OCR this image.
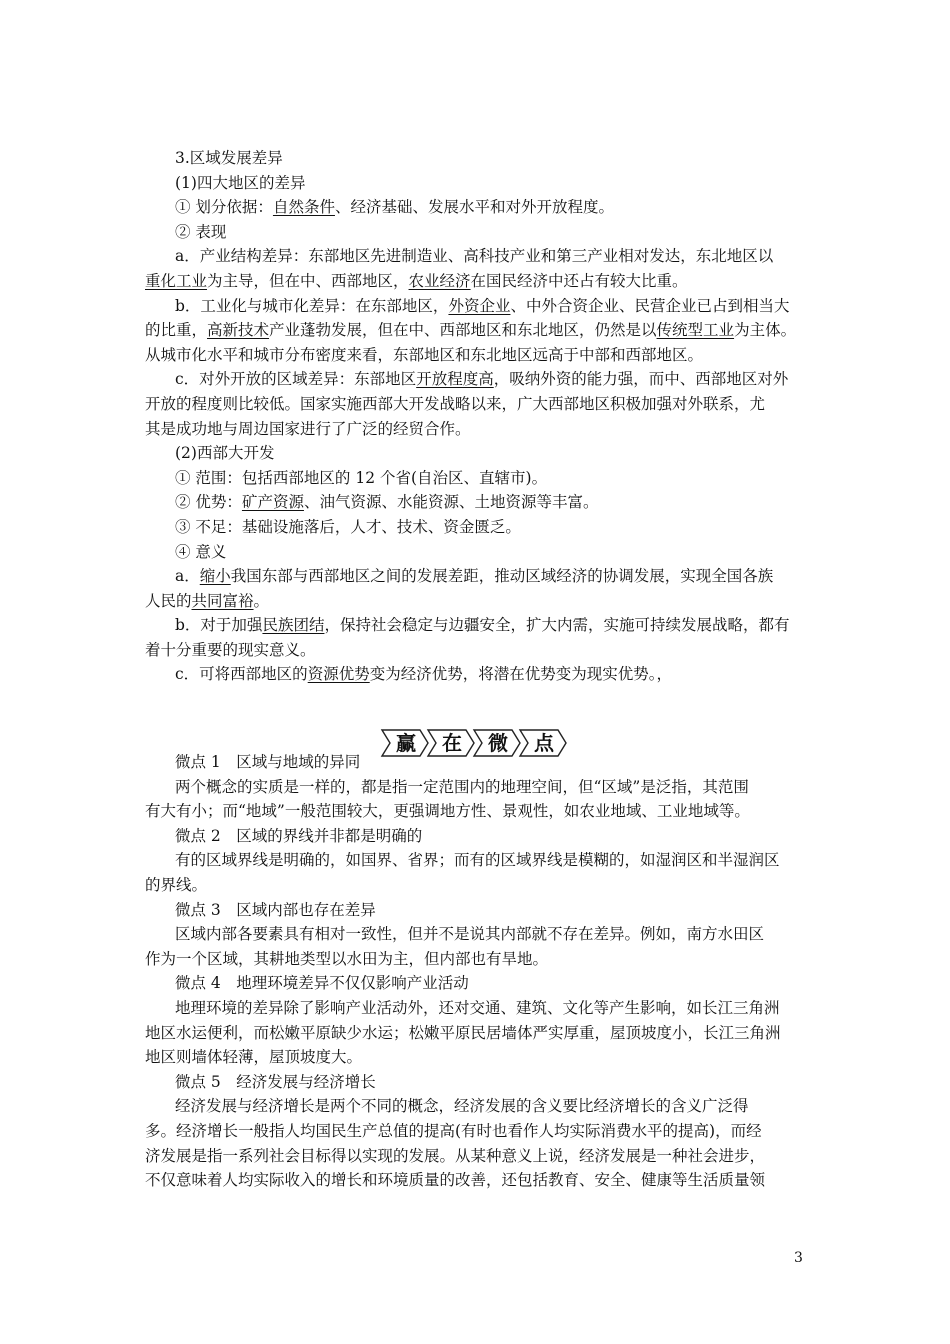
3.区域发展差异
(1)四大地区的差异
① 划分依据：自然条件、经济基础、发展水平和对外开放程度。
② 表现
a．产业结构差异：东部地区先进制造业、高科技产业和第三产业相对发达，东北地区以
重化工业为主导，但在中、西部地区，农业经济在国民经济中还占有较大比重。
b．工业化与城市化差异：在东部地区，外资企业、中外合资企业、民营企业已占到相当大
的比重，高新技术产业蓬勃发展，但在中、西部地区和东北地区，仍然是以传统型工业为主体。
从城市化水平和城市分布密度来看，东部地区和东北地区远高于中部和西部地区。
c．对外开放的区域差异：东部地区开放程度高，吸纳外资的能力强，而中、西部地区对外
开放的程度则比较低。国家实施西部大开发战略以来，广大西部地区积极加强对外联系，尤
其是成功地与周边国家进行了广泛的经贸合作。
(2)西部大开发
① 范围：包括西部地区的 12 个省(自治区、直辖市)。
② 优势：矿产资源、油气资源、水能资源、土地资源等丰富。
③ 不足：基础设施落后，人才、技术、资金匮乏。
④ 意义
a．缩小我国东部与西部地区之间的发展差距，推动区域经济的协调发展，实现全国各族
人民的共同富裕。
b．对于加强民族团结，保持社会稳定与边疆安全，扩大内需，实施可持续发展战略，都有
着十分重要的现实意义。
c．可将西部地区的资源优势变为经济优势，将潜在优势变为现实优势。，
微点 1　区域与地域的异同
两个概念的实质是一样的，都是指一定范围内的地理空间，但“区域”是泛指，其范围
有大有小；而“地域”一般范围较大，更强调地方性、景观性，如农业地域、工业地域等。
微点 2　区域的界线并非都是明确的
有的区域界线是明确的，如国界、省界；而有的区域界线是模糊的，如湿润区和半湿润区
的界线。
微点 3　区域内部也存在差异
区域内部各要素具有相对一致性，但并不是说其内部就不存在差异。例如，南方水田区
作为一个区域，其耕地类型以水田为主，但内部也有旱地。
微点 4　地理环境差异不仅仅影响产业活动
地理环境的差异除了影响产业活动外，还对交通、建筑、文化等产生影响，如长江三角洲
地区水运便利，而松嫩平原缺少水运；松嫩平原民居墙体严实厚重，屋顶坡度小，长江三角洲
地区则墙体轻薄，屋顶坡度大。
微点 5　经济发展与经济增长
经济发展与经济增长是两个不同的概念，经济发展的含义要比经济增长的含义广泛得
多。经济增长一般指人均国民生产总值的提高(有时也看作人均实际消费水平的提高)，而经
济发展是指一系列社会目标得以实现的发展。从某种意义上说，经济发展是一种社会进步，
不仅意味着人均实际收入的增长和环境质量的改善，还包括教育、安全、健康等生活质量领
赢	在	微	点
3
